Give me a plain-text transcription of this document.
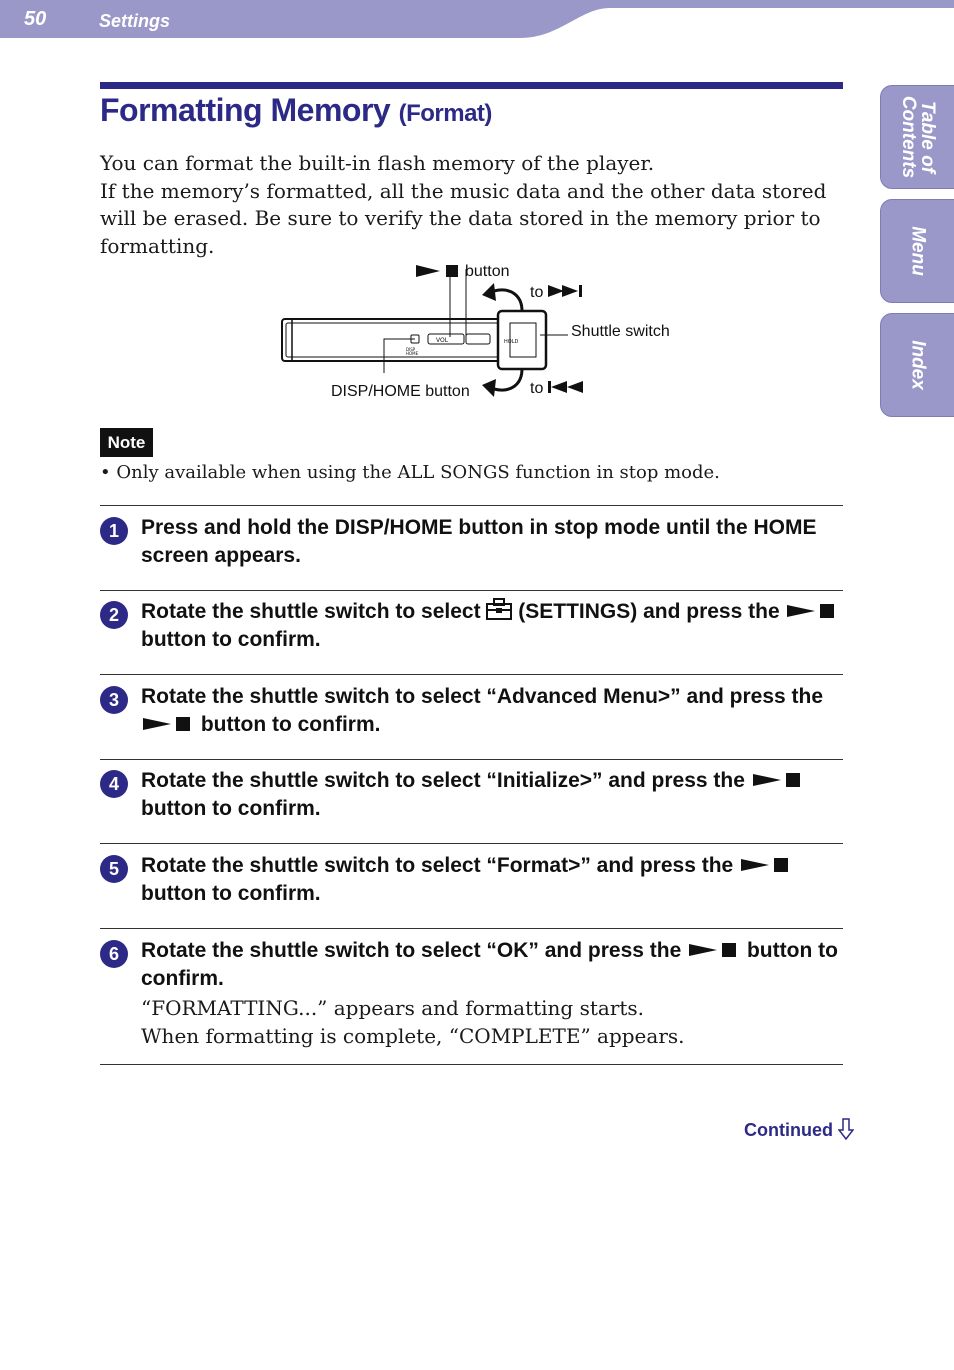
50	Settings
Table of
Contents
Menu
Index
Formatting Memory (Format)

You can format the built-in flash memory of the player.

If the memory’s formatted, all the music data and the other data stored will be erased. Be sure to verify the data stored in the memory prior to formatting.

VOL
DISP
HOME
HOLD
button
to
Shuttle switch
DISP/HOME button	to
Note
• Only available when using the ALL SONGS function in stop mode.
1	Press and hold the DISP/HOME button in stop mode until the HOME screen appears.
2	Rotate the shuttle switch to select (SETTINGS) and press the  button to confirm.
3	Rotate the shuttle switch to select “Advanced Menu>” and press the  button to confirm.
4	Rotate the shuttle switch to select “Initialize>” and press the  button to confirm.
5	Rotate the shuttle switch to select “Format>” and press the  button to confirm.
6	Rotate the shuttle switch to select “OK” and press the	button to confirm.

“FORMATTING...” appears and formatting starts.

When formatting is complete, “COMPLETE” appears.

Continued
